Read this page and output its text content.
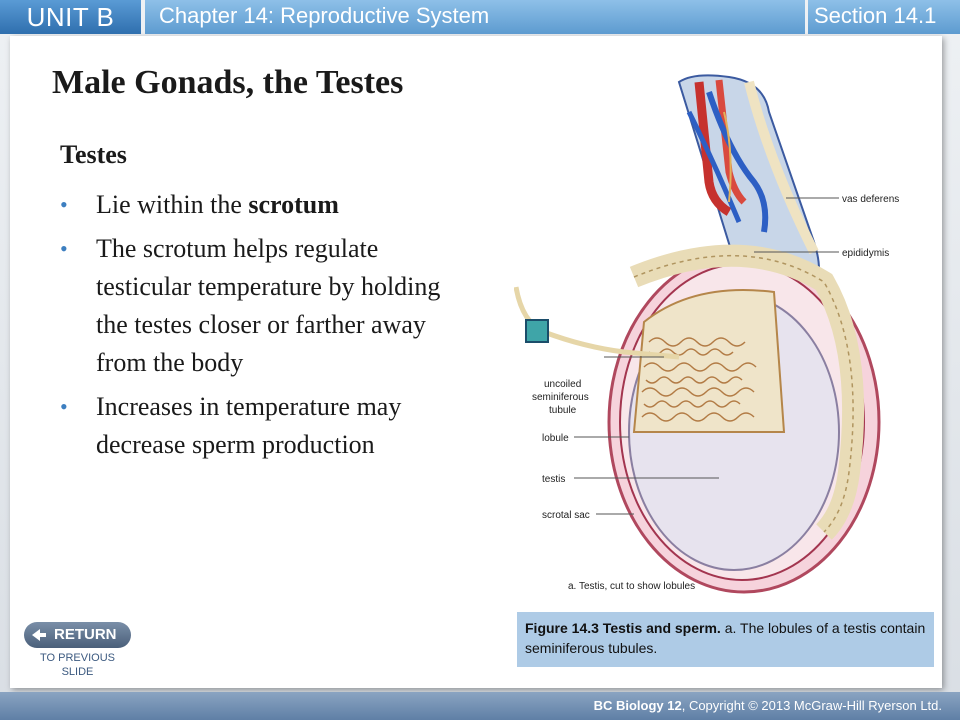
UNIT B	Chapter 14: Reproductive System	Section 14.1
Male Gonads, the Testes
Testes
• Lie within the scrotum
• The scrotum helps regulate testicular temperature by holding the testes closer or farther away from the body
• Increases in temperature may decrease sperm production
vas deferens
epididymis
uncoiled
seminiferous
tubule
lobule
testis
scrotal sac
a. Testis, cut to show lobules
Figure 14.3 Testis and sperm. a. The lobules of a testis contain seminiferous tubules.
RETURN
TO PREVIOUS
SLIDE
BC Biology 12, Copyright © 2013 McGraw-Hill Ryerson Ltd.
